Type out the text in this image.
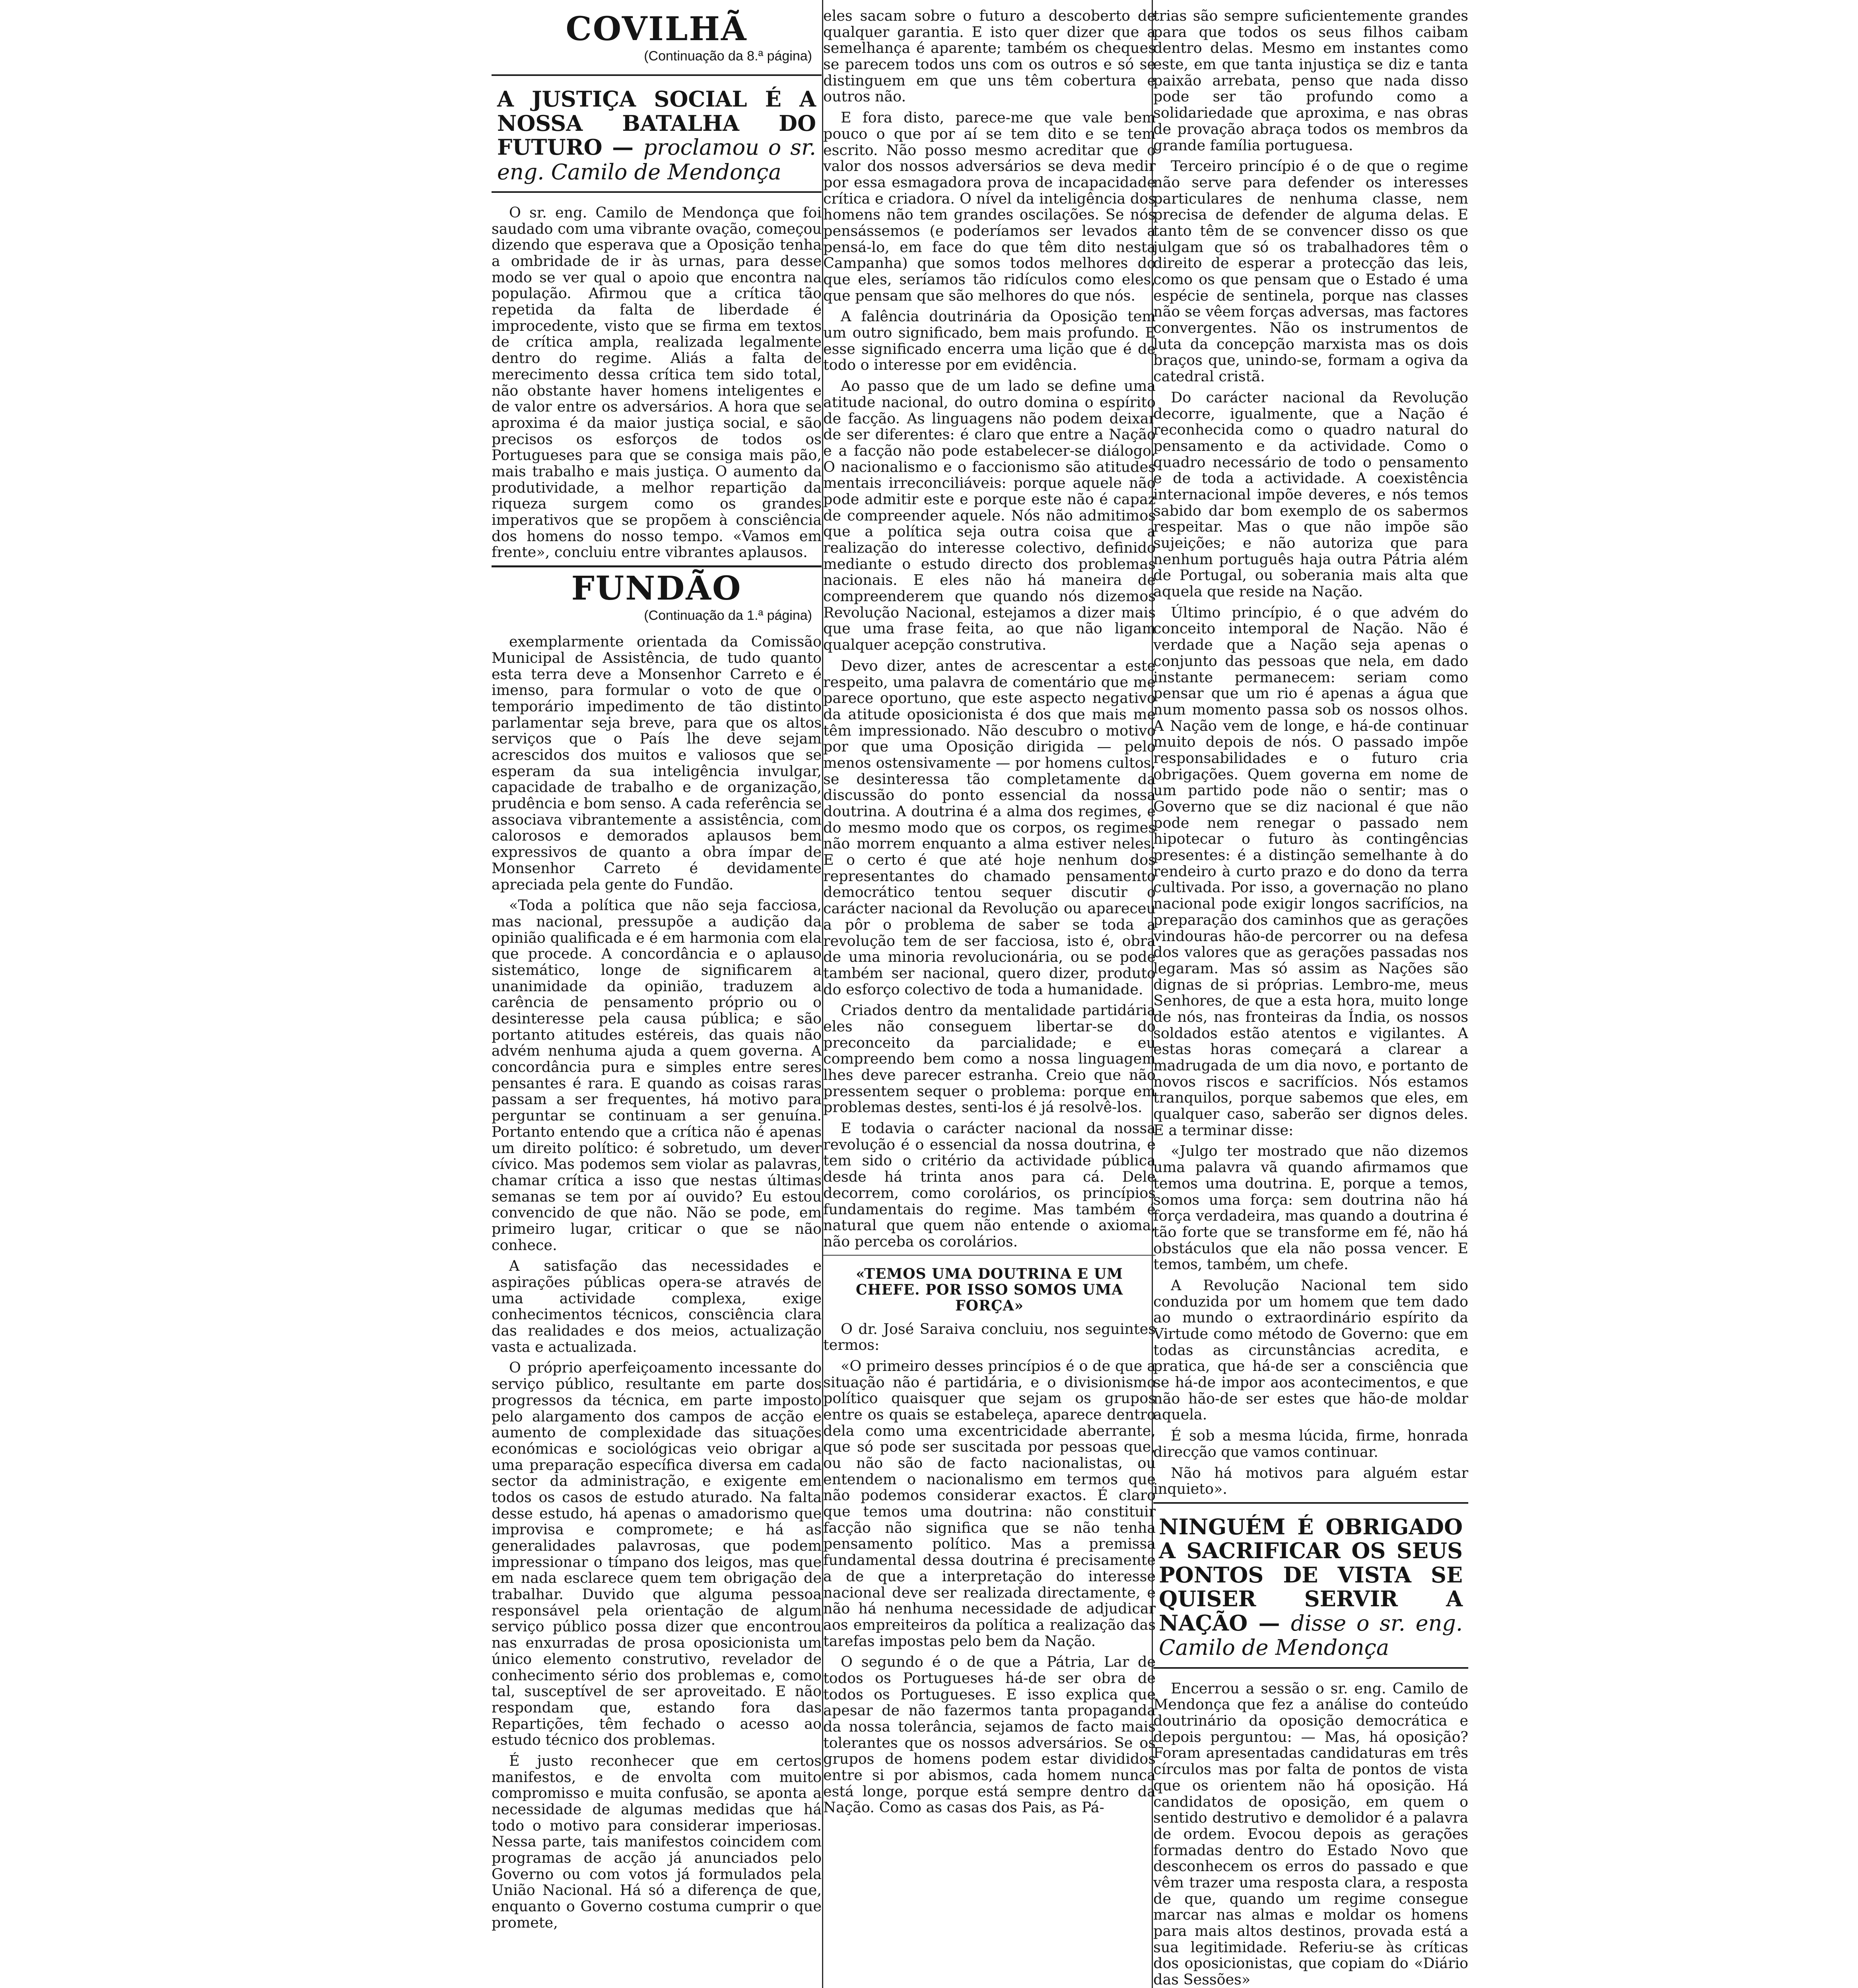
COVILHÃ
(Continuação da 8.ª página)
A JUSTIÇA SOCIAL É A NOSSA BATALHA DO FUTURO — proclamou o sr. eng. Camilo de Mendonça

O sr. eng. Camilo de Mendonça que foi saudado com uma vibrante ovação, começou dizendo que esperava que a Oposição tenha a ombridade de ir às urnas, para desse modo se ver qual o apoio que encontra na população. Afirmou que a crítica tão repetida da falta de liberdade é improcedente, visto que se firma em textos de crítica ampla, realizada legalmente dentro do regime. Aliás a falta de merecimento dessa crítica tem sido total, não obstante haver homens inteligentes e de valor entre os adversários. A hora que se aproxima é da maior justiça social, e são precisos os esforços de todos os Portugueses para que se consiga mais pão, mais trabalho e mais justiça. O aumento da produtividade, a melhor repartição da riqueza surgem como os grandes imperativos que se propõem à consciência dos homens do nosso tempo. «Vamos em frente», concluiu entre vibrantes aplausos.

FUNDÃO
(Continuação da 1.ª página)

exemplarmente orientada da Comissão Municipal de Assistência, de tudo quanto esta terra deve a Monsenhor Carreto e é imenso, para formular o voto de que o temporário impedimento de tão distinto parlamentar seja breve, para que os altos serviços que o País lhe deve sejam acrescidos dos muitos e valiosos que se esperam da sua inteligência invulgar, capacidade de trabalho e de organização, prudência e bom senso. A cada referência se associava vibrantemente a assistência, com calorosos e demorados aplausos bem expressivos de quanto a obra ímpar de Monsenhor Carreto é devidamente apreciada pela gente do Fundão.

«Toda a política que não seja facciosa, mas nacional, pressupõe a audição da opinião qualificada e é em harmonia com ela que procede. A concordância e o aplauso sistemático, longe de significarem a unanimidade da opinião, traduzem a carência de pensamento próprio ou o desinteresse pela causa pública; e são portanto atitudes estéreis, das quais não advém nenhuma ajuda a quem governa. A concordância pura e simples entre seres pensantes é rara. E quando as coisas raras passam a ser frequentes, há motivo para perguntar se continuam a ser genuína. Portanto entendo que a crítica não é apenas um direito político: é sobretudo, um dever cívico. Mas podemos sem violar as palavras, chamar crítica a isso que nestas últimas semanas se tem por aí ouvido? Eu estou convencido de que não. Não se pode, em primeiro lugar, criticar o que se não conhece.

A satisfação das necessidades e aspirações públicas opera-se através de uma actividade complexa, exige conhecimentos técnicos, consciência clara das realidades e dos meios, actualização vasta e actualizada.

O próprio aperfeiçoamento incessante do serviço público, resultante em parte dos progressos da técnica, em parte imposto pelo alargamento dos campos de acção e aumento de complexidade das situações económicas e sociológicas veio obrigar a uma preparação específica diversa em cada sector da administração, e exigente em todos os casos de estudo aturado. Na falta desse estudo, há apenas o amadorismo que improvisa e compromete; e há as generalidades palavrosas, que podem impressionar o tímpano dos leigos, mas que em nada esclarece quem tem obrigação de trabalhar. Duvido que alguma pessoa responsável pela orientação de algum serviço público possa dizer que encontrou nas enxurradas de prosa oposicionista um único elemento construtivo, revelador de conhecimento sério dos problemas e, como tal, susceptível de ser aproveitado. E não respondam que, estando fora das Repartições, têm fechado o acesso ao estudo técnico dos problemas.

É justo reconhecer que em certos manifestos, e de envolta com muito compromisso e muita confusão, se aponta a necessidade de algumas medidas que há todo o motivo para considerar imperiosas. Nessa parte, tais manifestos coincidem com programas de acção já anunciados pelo Governo ou com votos já formulados pela União Nacional. Há só a diferença de que, enquanto o Governo costuma cumprir o que promete,

eles sacam sobre o futuro a descoberto de qualquer garantia. E isto quer dizer que a semelhança é aparente; também os cheques se parecem todos uns com os outros e só se distinguem em que uns têm cobertura e outros não.

E fora disto, parece-me que vale bem pouco o que por aí se tem dito e se tem escrito. Não posso mesmo acreditar que o valor dos nossos adversários se deva medir por essa esmagadora prova de incapacidade crítica e criadora. O nível da inteligência dos homens não tem grandes oscilações. Se nós pensássemos (e poderíamos ser levados a pensá-lo, em face do que têm dito nesta Campanha) que somos todos melhores do que eles, seríamos tão ridículos como eles, que pensam que são melhores do que nós.

A falência doutrinária da Oposição tem um outro significado, bem mais profundo. E esse significado encerra uma lição que é de todo o interesse por em evidência.

Ao passo que de um lado se define uma atitude nacional, do outro domina o espírito de facção. As linguagens não podem deixar de ser diferentes: é claro que entre a Nação e a facção não pode estabelecer-se diálogo. O nacionalismo e o faccionismo são atitudes mentais irreconciliáveis: porque aquele não pode admitir este e porque este não é capaz de compreender aquele. Nós não admitimos que a política seja outra coisa que a realização do interesse colectivo, definido mediante o estudo directo dos problemas nacionais. E eles não há maneira de compreenderem que quando nós dizemos Revolução Nacional, estejamos a dizer mais que uma frase feita, ao que não ligam qualquer acepção construtiva.

Devo dizer, antes de acrescentar a este respeito, uma palavra de comentário que me parece oportuno, que este aspecto negativo da atitude oposicionista é dos que mais me têm impressionado. Não descubro o motivo por que uma Oposição dirigida — pelo menos ostensivamente — por homens cultos, se desinteressa tão completamente da discussão do ponto essencial da nossa doutrina. A doutrina é a alma dos regimes, e do mesmo modo que os corpos, os regimes não morrem enquanto a alma estiver neles. E o certo é que até hoje nenhum dos representantes do chamado pensamento democrático tentou sequer discutir o carácter nacional da Revolução ou apareceu a pôr o problema de saber se toda a revolução tem de ser facciosa, isto é, obra de uma minoria revolucionária, ou se pode também ser nacional, quero dizer, produto do esforço colectivo de toda a humanidade.

Criados dentro da mentalidade partidária eles não conseguem libertar-se do preconceito da parcialidade; e eu compreendo bem como a nossa linguagem lhes deve parecer estranha. Creio que não pressentem sequer o problema: porque em problemas destes, senti-los é já resolvê-los.

E todavia o carácter nacional da nossa revolução é o essencial da nossa doutrina, e tem sido o critério da actividade pública desde há trinta anos para cá. Dele decorrem, como corolários, os princípios fundamentais do regime. Mas também é natural que quem não entende o axioma, não perceba os corolários.

«TEMOS UMA DOUTRINA E UM CHEFE. POR ISSO SOMOS UMA FORÇA»

O dr. José Saraiva concluiu, nos seguintes termos:

«O primeiro desses princípios é o de que a situação não é partidária, e o divisionismo político quaisquer que sejam os grupos entre os quais se estabeleça, aparece dentro dela como uma excentricidade aberrante, que só pode ser suscitada por pessoas que, ou não são de facto nacionalistas, ou entendem o nacionalismo em termos que não podemos considerar exactos. É claro que temos uma doutrina: não constituir facção não significa que se não tenha pensamento político. Mas a premissa fundamental dessa doutrina é precisamente a de que a interpretação do interesse nacional deve ser realizada directamente, e não há nenhuma necessidade de adjudicar aos empreiteiros da política a realização das tarefas impostas pelo bem da Nação.

O segundo é o de que a Pátria, Lar de todos os Portugueses há-de ser obra de todos os Portugueses. E isso explica que apesar de não fazermos tanta propaganda da nossa tolerância, sejamos de facto mais tolerantes que os nossos adversários. Se os grupos de homens podem estar divididos entre si por abismos, cada homem nunca está longe, porque está sempre dentro da Nação. Como as casas dos Pais, as Pá-

trias são sempre suficientemente grandes para que todos os seus filhos caibam dentro delas. Mesmo em instantes como este, em que tanta injustiça se diz e tanta paixão arrebata, penso que nada disso pode ser tão profundo como a solidariedade que aproxima, e nas obras de provação abraça todos os membros da grande família portuguesa.

Terceiro princípio é o de que o regime não serve para defender os interesses particulares de nenhuma classe, nem precisa de defender de alguma delas. E tanto têm de se convencer disso os que julgam que só os trabalhadores têm o direito de esperar a protecção das leis, como os que pensam que o Estado é uma espécie de sentinela, porque nas classes não se vêem forças adversas, mas factores convergentes. Não os instrumentos de luta da concepção marxista mas os dois braços que, unindo-se, formam a ogiva da catedral cristã.

Do carácter nacional da Revolução decorre, igualmente, que a Nação é reconhecida como o quadro natural do pensamento e da actividade. Como o quadro necessário de todo o pensamento e de toda a actividade. A coexistência internacional impõe deveres, e nós temos sabido dar bom exemplo de os sabermos respeitar. Mas o que não impõe são sujeições; e não autoriza que para nenhum português haja outra Pátria além de Portugal, ou soberania mais alta que aquela que reside na Nação.

Último princípio, é o que advém do conceito intemporal de Nação. Não é verdade que a Nação seja apenas o conjunto das pessoas que nela, em dado instante permanecem: seriam como pensar que um rio é apenas a água que num momento passa sob os nossos olhos. A Nação vem de longe, e há-de continuar muito depois de nós. O passado impõe responsabilidades e o futuro cria obrigações. Quem governa em nome de um partido pode não o sentir; mas o Governo que se diz nacional é que não pode nem renegar o passado nem hipotecar o futuro às contingências presentes: é a distinção semelhante à do rendeiro à curto prazo e do dono da terra cultivada. Por isso, a governação no plano nacional pode exigir longos sacrifícios, na preparação dos caminhos que as gerações vindouras hão-de percorrer ou na defesa dos valores que as gerações passadas nos legaram. Mas só assim as Nações são dignas de si próprias. Lembro-me, meus Senhores, de que a esta hora, muito longe de nós, nas fronteiras da Índia, os nossos soldados estão atentos e vigilantes. A estas horas começará a clarear a madrugada de um dia novo, e portanto de novos riscos e sacrifícios. Nós estamos tranquilos, porque sabemos que eles, em qualquer caso, saberão ser dignos deles. E a terminar disse:

«Julgo ter mostrado que não dizemos uma palavra vã quando afirmamos que temos uma doutrina. E, porque a temos, somos uma força: sem doutrina não há força verdadeira, mas quando a doutrina é tão forte que se transforme em fé, não há obstáculos que ela não possa vencer. E temos, também, um chefe.

A Revolução Nacional tem sido conduzida por um homem que tem dado ao mundo o extraordinário espírito da Virtude como método de Governo: que em todas as circunstâncias acredita, e pratica, que há-de ser a consciência que se há-de impor aos acontecimentos, e que não hão-de ser estes que hão-de moldar aquela.

É sob a mesma lúcida, firme, honrada direcção que vamos continuar.

Não há motivos para alguém estar inquieto».

NINGUÉM É OBRIGADO A SACRIFICAR OS SEUS PONTOS DE VISTA SE QUISER SERVIR A NAÇÃO — disse o sr. eng. Camilo de Mendonça

Encerrou a sessão o sr. eng. Camilo de Mendonça que fez a análise do conteúdo doutrinário da oposição democrática e depois perguntou: — Mas, há oposição? Foram apresentadas candidaturas em três círculos mas por falta de pontos de vista que os orientem não há oposição. Há candidatos de oposição, em quem o sentido destrutivo e demolidor é a palavra de ordem. Evocou depois as gerações formadas dentro do Estado Novo que desconhecem os erros do passado e que vêm trazer uma resposta clara, a resposta de que, quando um regime consegue marcar nas almas e moldar os homens para mais altos destinos, provada está a sua legitimidade. Referiu-se às críticas dos oposicionistas, que copiam do «Diário das Sessões»
